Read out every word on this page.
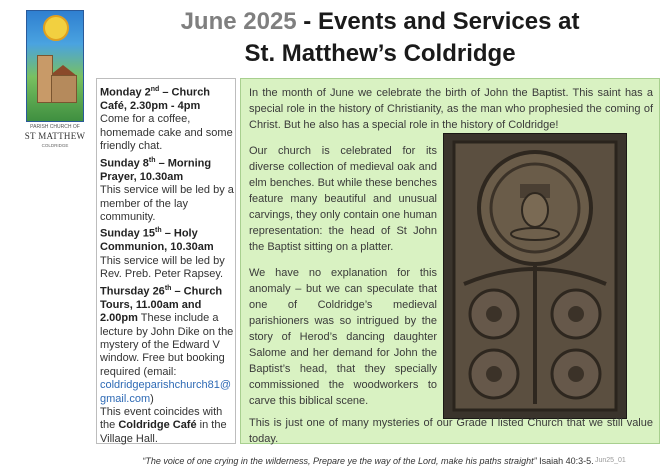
PARISH CHURCH OF
ST MATTHEW
COLDRIDGE
June 2025 - Events and Services at
St. Matthew’s Coldridge

Monday 2nd – Church Café, 2.30pm - 4pm

Come for a coffee, homemade cake and some friendly chat.

Sunday 8th – Morning Prayer, 10.30am

This service will be led by a member of the lay community.

Sunday 15th – Holy Communion, 10.30am

This service will be led by Rev. Preb. Peter Rapsey.

Thursday 26th – Church Tours, 11.00am and 2.00pm These include a lecture by John Dike on the mystery of the Edward V window. Free but booking required (email:

coldridgeparishchurch81@gmail.com)

This event coincides with the Coldridge Café in the Village Hall.

In the month of June we celebrate the birth of John the Baptist. This saint has a special role in the history of Christianity, as the man who prophesied the coming of Christ. But he also has a special role in the history of Coldridge!

Our church is celebrated for its diverse collection of medieval oak and elm benches. But while these benches feature many beautiful and unusual carvings, they only contain one human representation: the head of St John the Baptist sitting on a platter.

We have no explanation for this anomaly – but we can speculate that one of Coldridge’s medieval parishioners was so intrigued by the story of Herod’s dancing daughter Salome and her demand for John the Baptist’s head, that they specially commissioned the woodworkers to carve this biblical scene.

This is just one of many mysteries of our Grade I listed Church that we still value today.
“The voice of one crying in the wilderness, Prepare ye the way of the Lord, make his paths straight” Isaiah 40:3-5. Jun25_01
